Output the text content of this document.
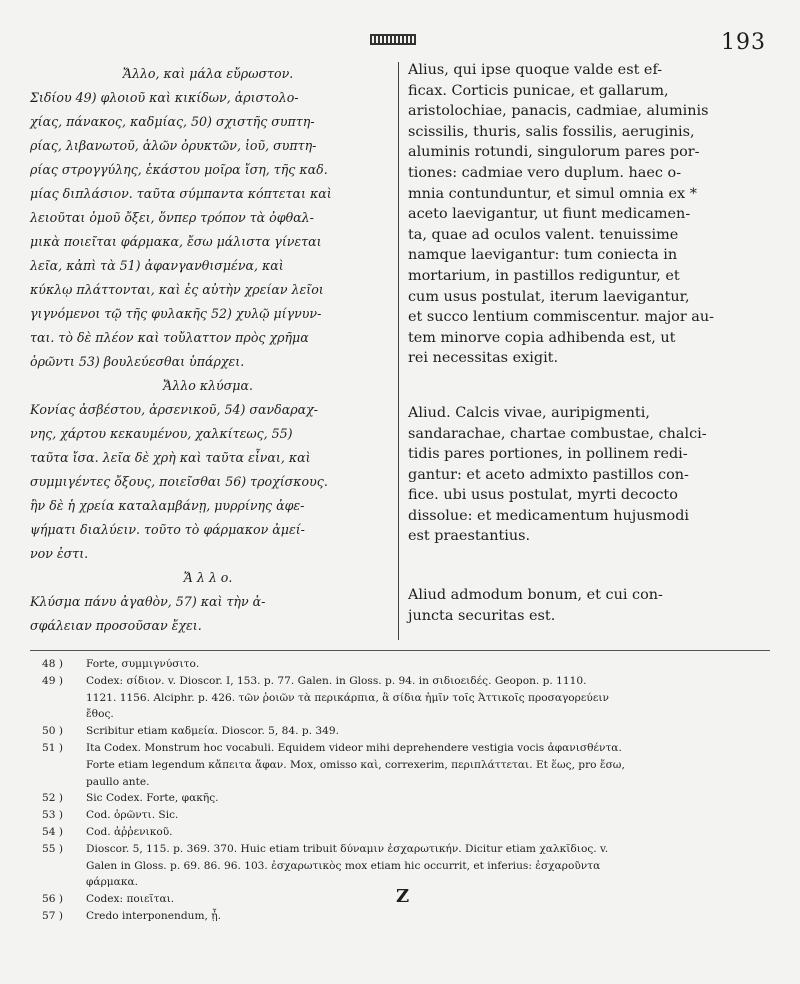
193
Ἄλλο, καὶ μάλα εὔρωστον.
Σιδίου 49) φλοιοῦ καὶ κικίδων, ἀριστολο-
χίας, πάνακος, καδμίας, 50) σχιστῆς συπτη-
ρίας, λιβανωτοῦ, ἁλῶν ὀρυκτῶν, ἰοῦ, συπτη-
ρίας στρογγύλης, ἑκάστου μοῖρα ἴση, τῆς καδ.
μίας διπλάσιον. ταῦτα σύμπαντα κόπτεται καὶ
λειοῦται ὁμοῦ ὄξει, ὅνπερ τρόπον τὰ ὀφθαλ-
μικὰ ποιεῖται φάρμακα, ἔσω μάλιστα γίνεται
λεῖα, κἀπὶ τὰ 51) ἀφανγανθισμένα, καὶ
κύκλῳ πλάττονται, καὶ ἐς αὐτὴν χρείαν λεῖοι
γιγνόμενοι τῷ τῆς φυλακῆς 52) χυλῷ μίγνυν-
ται. τὸ δὲ πλέον καὶ τοὔλαττον πρὸς χρῆμα
ὁρῶντι 53) βουλεύεσθαι ὑπάρχει.
Ἄλλο κλύσμα.
Κονίας ἀσβέστου, ἀρσενικοῦ, 54) σανδαραχ-
νης, χάρτου κεκαυμένου, χαλκίτεως, 55)
ταῦτα ἴσα. λεῖα δὲ χρὴ καὶ ταῦτα εἶναι, καὶ
συμμιγέντες ὄξους, ποιεῖσθαι 56) τροχίσκους.
ἢν δὲ ἡ χρεία καταλαμβάνῃ, μυρρίνης ἀφε-
ψήματι διαλύειν. τοῦτο τὸ φάρμακον ἀμεί-
νον ἐστι.
Ἄ λ λ ο.
Κλύσμα πάνυ ἀγαθὸν, 57) καὶ τὴν ἀ-
σφάλειαν προσοῦσαν ἔχει.
Alius, qui ipse quoque valde est ef-
ficax. Corticis punicae, et gallarum,
aristolochiae, panacis, cadmiae, aluminis
scissilis, thuris, salis fossilis, aeruginis,
aluminis rotundi, singulorum pares por-
tiones: cadmiae vero duplum. haec o-
mnia contunduntur, et simul omnia ex *
aceto laevigantur, ut fiunt medicamen-
ta, quae ad oculos valent. tenuissime
namque laevigantur: tum coniecta in
mortarium, in pastillos rediguntur, et
cum usus postulat, iterum laevigantur,
et succo lentium commiscentur. major au-
tem minorve copia adhibenda est, ut
rei necessitas exigit.
Aliud. Calcis vivae, auripigmenti,
sandarachae, chartae combustae, chalci-
tidis pares portiones, in pollinem redi-
gantur: et aceto admixto pastillos con-
fice. ubi usus postulat, myrti decocto
dissolue: et medicamentum hujusmodi
est praestantius.
Aliud admodum bonum, et cui con-
juncta securitas est.
48 )	Forte, συμμιγνύσιτο.
49 )	Codex: σίδιον. v. Dioscor. I, 153. p. 77. Galen. in Gloss. p. 94. in σιδιοειδές. Geopon. p. 1110.
1121. 1156. Alciphr. p. 426. τῶν ῥοιῶν τὰ περικάρπια, ἃ σίδια ἡμῖν τοῖς Ἀττικοῖς προσαγορεύειν
ἔθος.
50 )	Scribitur etiam καδμεία. Dioscor. 5, 84. p. 349.
51 )	Ita Codex. Monstrum hoc vocabuli. Equidem videor mihi deprehendere vestigia vocis ἀφανισθέντα.
Forte etiam legendum κἄπειτα ἄφαν. Mox, omisso καὶ, correxerim, περιπλάττεται. Et ἕως, pro ἔσω,
paullo ante.
52 )	Sic Codex. Forte, φακῆς.
53 )	Cod. ὁρῶντι. Sic.
54 )	Cod. ἀῤῥενικοῦ.
55 )	Dioscor. 5, 115. p. 369. 370. Huic etiam tribuit δύναμιν ἐσχαρωτικήν. Dicitur etiam χαλκῖδιος. v.
Galen in Gloss. p. 69. 86. 96. 103. ἐσχαρωτικὸς mox etiam hic occurrit, et inferius: ἐσχαροῦντα
φάρμακα.
56 )	Codex: ποιεῖται.
57 )	Credo interponendum, ᾖ.
Z
